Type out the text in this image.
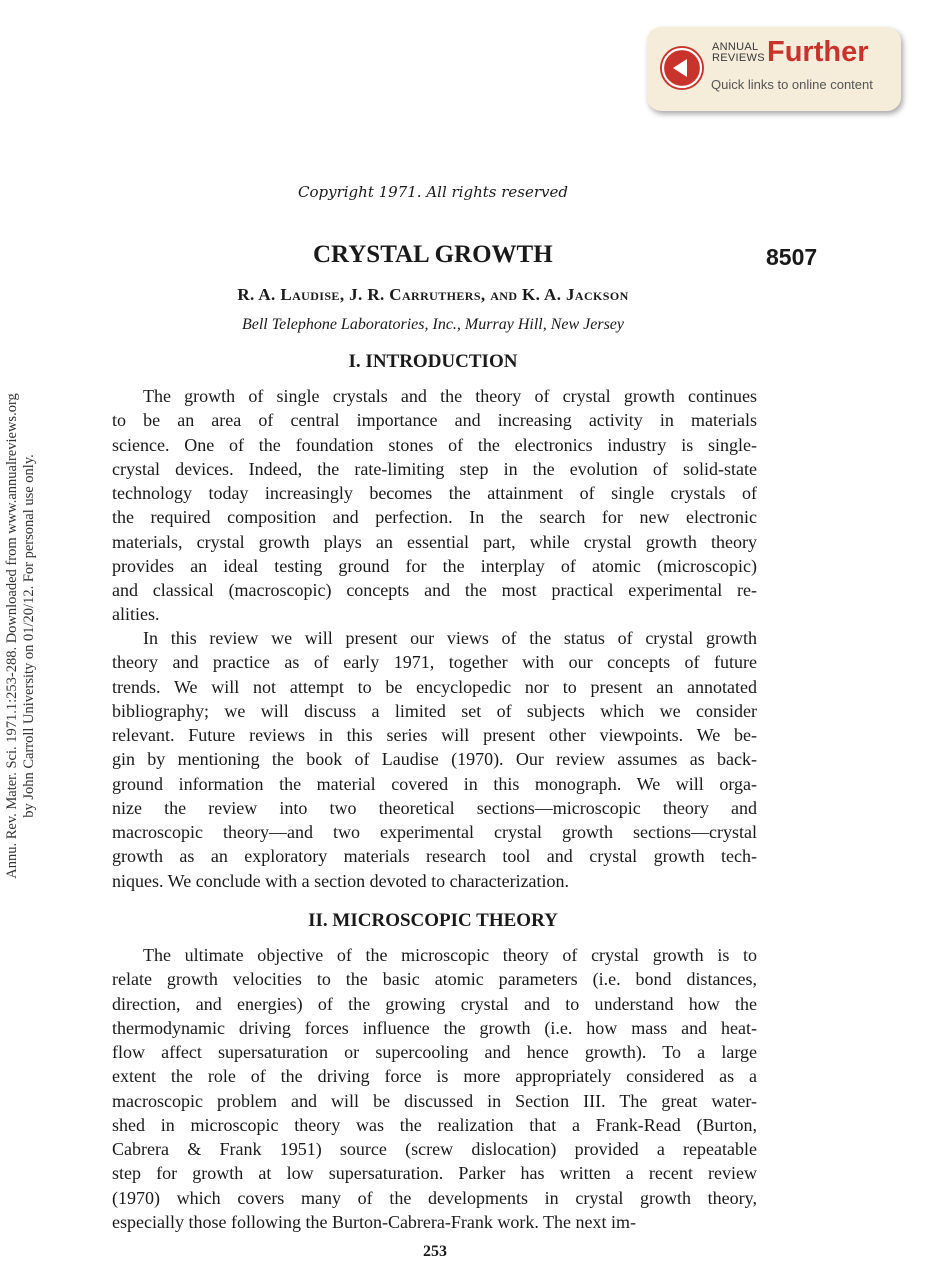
ANNUAL
REVIEWS Further
Quick links to online content
Annu. Rev. Mater. Sci. 1971.1:253-288. Downloaded from www.annualreviews.org by John Carroll University on 01/20/12. For personal use only.
Copyright 1971. All rights reserved
CRYSTAL GROWTH	8507
R. A. Laudise, J. R. Carruthers, and K. A. Jackson
Bell Telephone Laboratories, Inc., Murray Hill, New Jersey
I. INTRODUCTION
The growth of single crystals and the theory of crystal growth continues
to be an area of central importance and increasing activity in materials
science. One of the foundation stones of the electronics industry is single-
crystal devices. Indeed, the rate-limiting step in the evolution of solid-state
technology today increasingly becomes the attainment of single crystals of
the required composition and perfection. In the search for new electronic
materials, crystal growth plays an essential part, while crystal growth theory
provides an ideal testing ground for the interplay of atomic (microscopic)
and classical (macroscopic) concepts and the most practical experimental re-
alities.
In this review we will present our views of the status of crystal growth
theory and practice as of early 1971, together with our concepts of future
trends. We will not attempt to be encyclopedic nor to present an annotated
bibliography; we will discuss a limited set of subjects which we consider
relevant. Future reviews in this series will present other viewpoints. We be-
gin by mentioning the book of Laudise (1970). Our review assumes as back-
ground information the material covered in this monograph. We will orga-
nize the review into two theoretical sections—microscopic theory and
macroscopic theory—and two experimental crystal growth sections—crystal
growth as an exploratory materials research tool and crystal growth tech-
niques. We conclude with a section devoted to characterization.
II. MICROSCOPIC THEORY
The ultimate objective of the microscopic theory of crystal growth is to
relate growth velocities to the basic atomic parameters (i.e. bond distances,
direction, and energies) of the growing crystal and to understand how the
thermodynamic driving forces influence the growth (i.e. how mass and heat-
flow affect supersaturation or supercooling and hence growth). To a large
extent the role of the driving force is more appropriately considered as a
macroscopic problem and will be discussed in Section III. The great water-
shed in microscopic theory was the realization that a Frank-Read (Burton,
Cabrera & Frank 1951) source (screw dislocation) provided a repeatable
step for growth at low supersaturation. Parker has written a recent review
(1970) which covers many of the developments in crystal growth theory,
especially those following the Burton-Cabrera-Frank work. The next im-
253
